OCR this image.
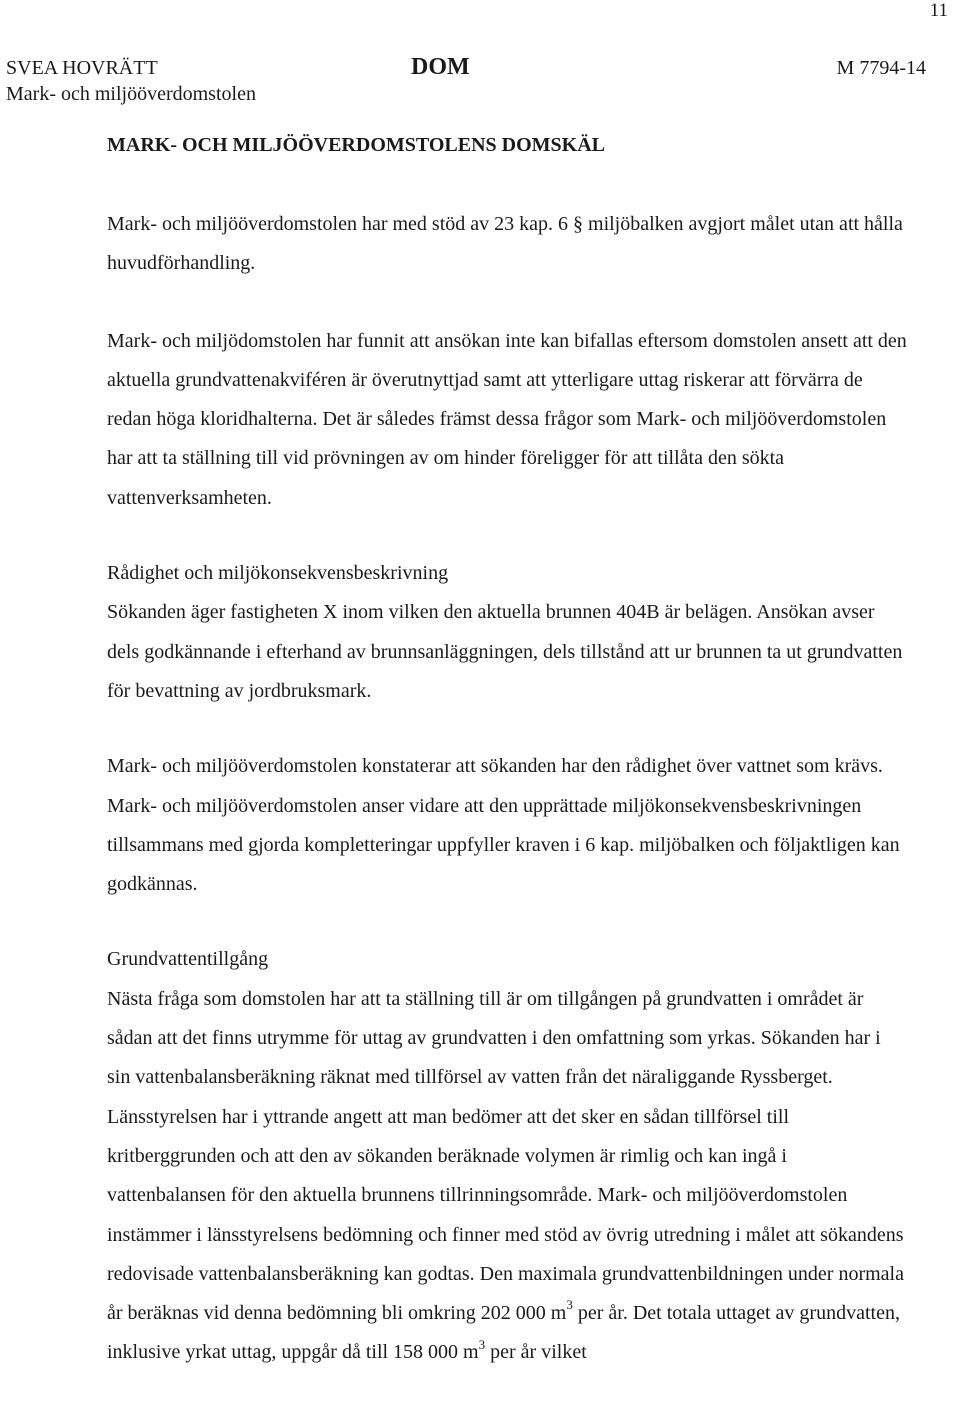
11
SVEA HOVRÄTT
Mark- och miljööverdomstolen
DOM	M 7794-14

MARK- OCH MILJÖÖVERDOMSTOLENS DOMSKÄL

Mark- och miljööverdomstolen har med stöd av 23 kap. 6 § miljöbalken avgjort målet utan att hålla huvudförhandling.

Mark- och miljödomstolen har funnit att ansökan inte kan bifallas eftersom domstolen ansett att den aktuella grundvattenakviféren är överutnyttjad samt att ytterligare uttag riskerar att förvärra de redan höga kloridhalterna. Det är således främst dessa frågor som Mark- och miljööverdomstolen har att ta ställning till vid prövningen av om hinder föreligger för att tillåta den sökta vattenverksamheten.

Rådighet och miljökonsekvensbeskrivning

Sökanden äger fastigheten X inom vilken den aktuella brunnen 404B är belägen. Ansökan avser dels godkännande i efterhand av brunnsanläggningen, dels tillstånd att ur brunnen ta ut grundvatten för bevattning av jordbruksmark.

Mark- och miljööverdomstolen konstaterar att sökanden har den rådighet över vattnet som krävs. Mark- och miljööverdomstolen anser vidare att den upprättade miljökonsekvensbeskrivningen tillsammans med gjorda kompletteringar uppfyller kraven i 6 kap. miljöbalken och följaktligen kan godkännas.

Grundvattentillgång

Nästa fråga som domstolen har att ta ställning till är om tillgången på grundvatten i området är sådan att det finns utrymme för uttag av grundvatten i den omfattning som yrkas. Sökanden har i sin vattenbalansberäkning räknat med tillförsel av vatten från det näraliggande Ryssberget. Länsstyrelsen har i yttrande angett att man bedömer att det sker en sådan tillförsel till kritberggrunden och att den av sökanden beräknade volymen är rimlig och kan ingå i vattenbalansen för den aktuella brunnens tillrinningsområde. Mark- och miljööverdomstolen instämmer i länsstyrelsens bedömning och finner med stöd av övrig utredning i målet att sökandens redovisade vattenbalansberäkning kan godtas. Den maximala grundvattenbildningen under normala år beräknas vid denna bedömning bli omkring 202 000 $m^3$ per år. Det totala uttaget av grundvatten, inklusive yrkat uttag, uppgår då till 158 000 $m^3$ per år vilket
